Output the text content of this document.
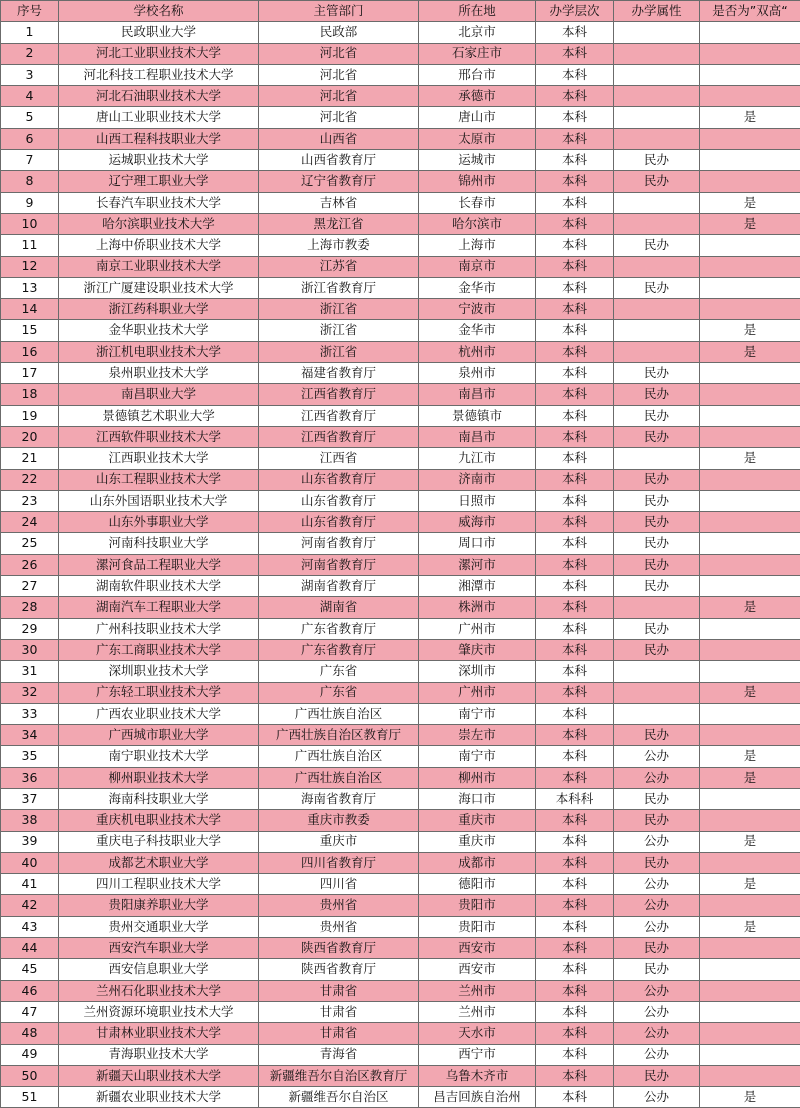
序号	学校名称	主管部门	所在地	办学层次	办学属性	是否为”双高“
1	民政职业大学	民政部	北京市	本科		
2	河北工业职业技术大学	河北省	石家庄市	本科		
3	河北科技工程职业技术大学	河北省	邢台市	本科		
4	河北石油职业技术大学	河北省	承德市	本科		
5	唐山工业职业技术大学	河北省	唐山市	本科		是
6	山西工程科技职业大学	山西省	太原市	本科		
7	运城职业技术大学	山西省教育厅	运城市	本科	民办	
8	辽宁理工职业大学	辽宁省教育厅	锦州市	本科	民办	
9	长春汽车职业技术大学	吉林省	长春市	本科		是
10	哈尔滨职业技术大学	黑龙江省	哈尔滨市	本科		是
11	上海中侨职业技术大学	上海市教委	上海市	本科	民办	
12	南京工业职业技术大学	江苏省	南京市	本科		
13	浙江广厦建设职业技术大学	浙江省教育厅	金华市	本科	民办	
14	浙江药科职业大学	浙江省	宁波市	本科		
15	金华职业技术大学	浙江省	金华市	本科		是
16	浙江机电职业技术大学	浙江省	杭州市	本科		是
17	泉州职业技术大学	福建省教育厅	泉州市	本科	民办	
18	南昌职业大学	江西省教育厅	南昌市	本科	民办	
19	景德镇艺术职业大学	江西省教育厅	景德镇市	本科	民办	
20	江西软件职业技术大学	江西省教育厅	南昌市	本科	民办	
21	江西职业技术大学	江西省	九江市	本科		是
22	山东工程职业技术大学	山东省教育厅	济南市	本科	民办	
23	山东外国语职业技术大学	山东省教育厅	日照市	本科	民办	
24	山东外事职业大学	山东省教育厅	威海市	本科	民办	
25	河南科技职业大学	河南省教育厅	周口市	本科	民办	
26	漯河食品工程职业大学	河南省教育厅	漯河市	本科	民办	
27	湖南软件职业技术大学	湖南省教育厅	湘潭市	本科	民办	
28	湖南汽车工程职业大学	湖南省	株洲市	本科		是
29	广州科技职业技术大学	广东省教育厅	广州市	本科	民办	
30	广东工商职业技术大学	广东省教育厅	肇庆市	本科	民办	
31	深圳职业技术大学	广东省	深圳市	本科		
32	广东轻工职业技术大学	广东省	广州市	本科		是
33	广西农业职业技术大学	广西壮族自治区	南宁市	本科		
34	广西城市职业大学	广西壮族自治区教育厅	崇左市	本科	民办	
35	南宁职业技术大学	广西壮族自治区	南宁市	本科	公办	是
36	柳州职业技术大学	广西壮族自治区	柳州市	本科	公办	是
37	海南科技职业大学	海南省教育厅	海口市	本科科	民办	
38	重庆机电职业技术大学	重庆市教委	重庆市	本科	民办	
39	重庆电子科技职业大学	重庆市	重庆市	本科	公办	是
40	成都艺术职业大学	四川省教育厅	成都市	本科	民办	
41	四川工程职业技术大学	四川省	德阳市	本科	公办	是
42	贵阳康养职业大学	贵州省	贵阳市	本科	公办	
43	贵州交通职业大学	贵州省	贵阳市	本科	公办	是
44	西安汽车职业大学	陕西省教育厅	西安市	本科	民办	
45	西安信息职业大学	陕西省教育厅	西安市	本科	民办	
46	兰州石化职业技术大学	甘肃省	兰州市	本科	公办	
47	兰州资源环境职业技术大学	甘肃省	兰州市	本科	公办	
48	甘肃林业职业技术大学	甘肃省	天水市	本科	公办	
49	青海职业技术大学	青海省	西宁市	本科	公办	
50	新疆天山职业技术大学	新疆维吾尔自治区教育厅	乌鲁木齐市	本科	民办	
51	新疆农业职业技术大学	新疆维吾尔自治区	昌吉回族自治州	本科	公办	是
